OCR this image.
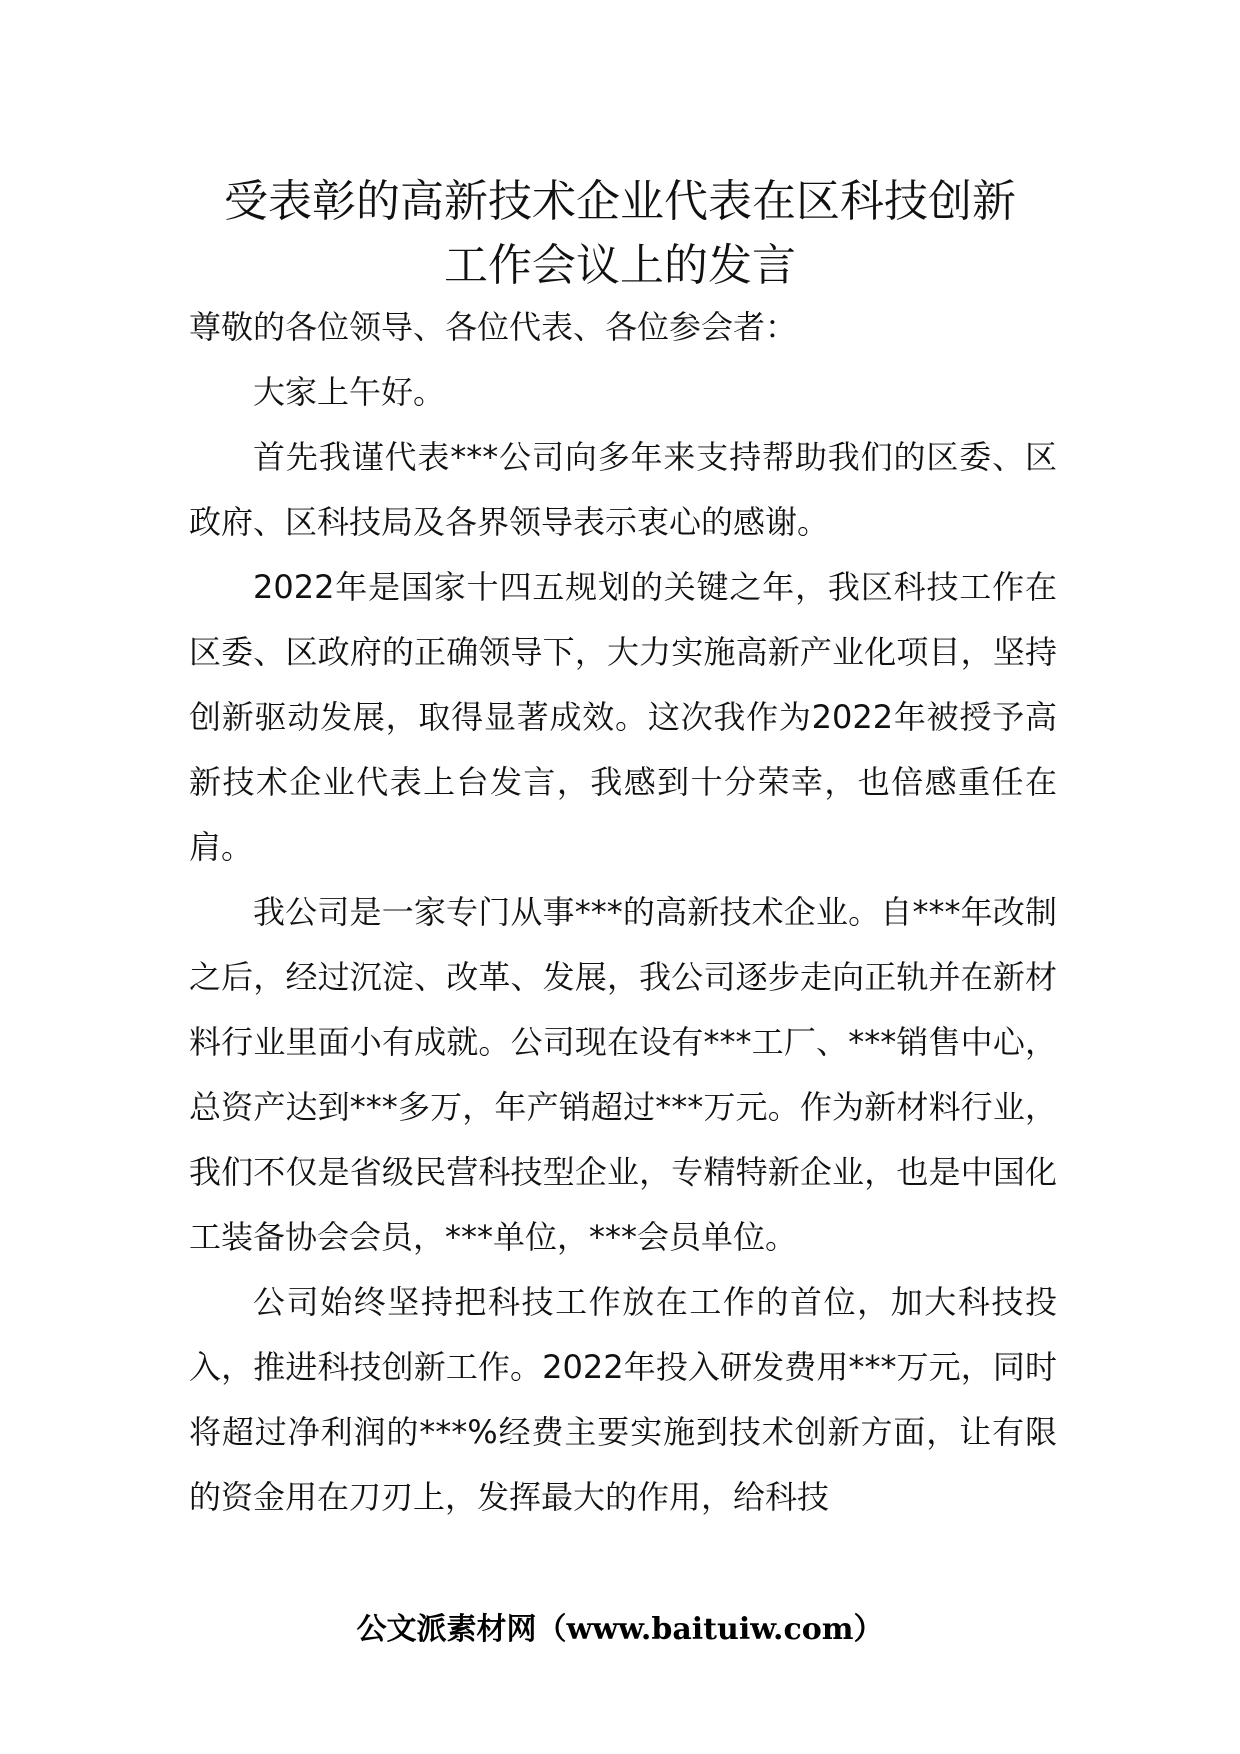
受表彰的高新技术企业代表在区科技创新
工作会议上的发言

尊敬的各位领导、各位代表、各位参会者：

大家上午好。

首先我谨代表***公司向多年来支持帮助我们的区委、区政府、区科技局及各界领导表示衷心的感谢。

2022年是国家十四五规划的关键之年，我区科技工作在区委、区政府的正确领导下，大力实施高新产业化项目，坚持创新驱动发展，取得显著成效。这次我作为2022年被授予高新技术企业代表上台发言，我感到十分荣幸，也倍感重任在肩。

我公司是一家专门从事***的高新技术企业。自***年改制之后，经过沉淀、改革、发展，我公司逐步走向正轨并在新材料行业里面小有成就。公司现在设有***工厂、***销售中心，总资产达到***多万，年产销超过***万元。作为新材料行业，我们不仅是省级民营科技型企业，专精特新企业，也是中国化工装备协会会员，***单位，***会员单位。

公司始终坚持把科技工作放在工作的首位，加大科技投入，推进科技创新工作。2022年投入研发费用***万元，同时将超过净利润的***%经费主要实施到技术创新方面，让有限的资金用在刀刃上，发挥最大的作用，给科技

公文派素材网（www.baituiw.com）
